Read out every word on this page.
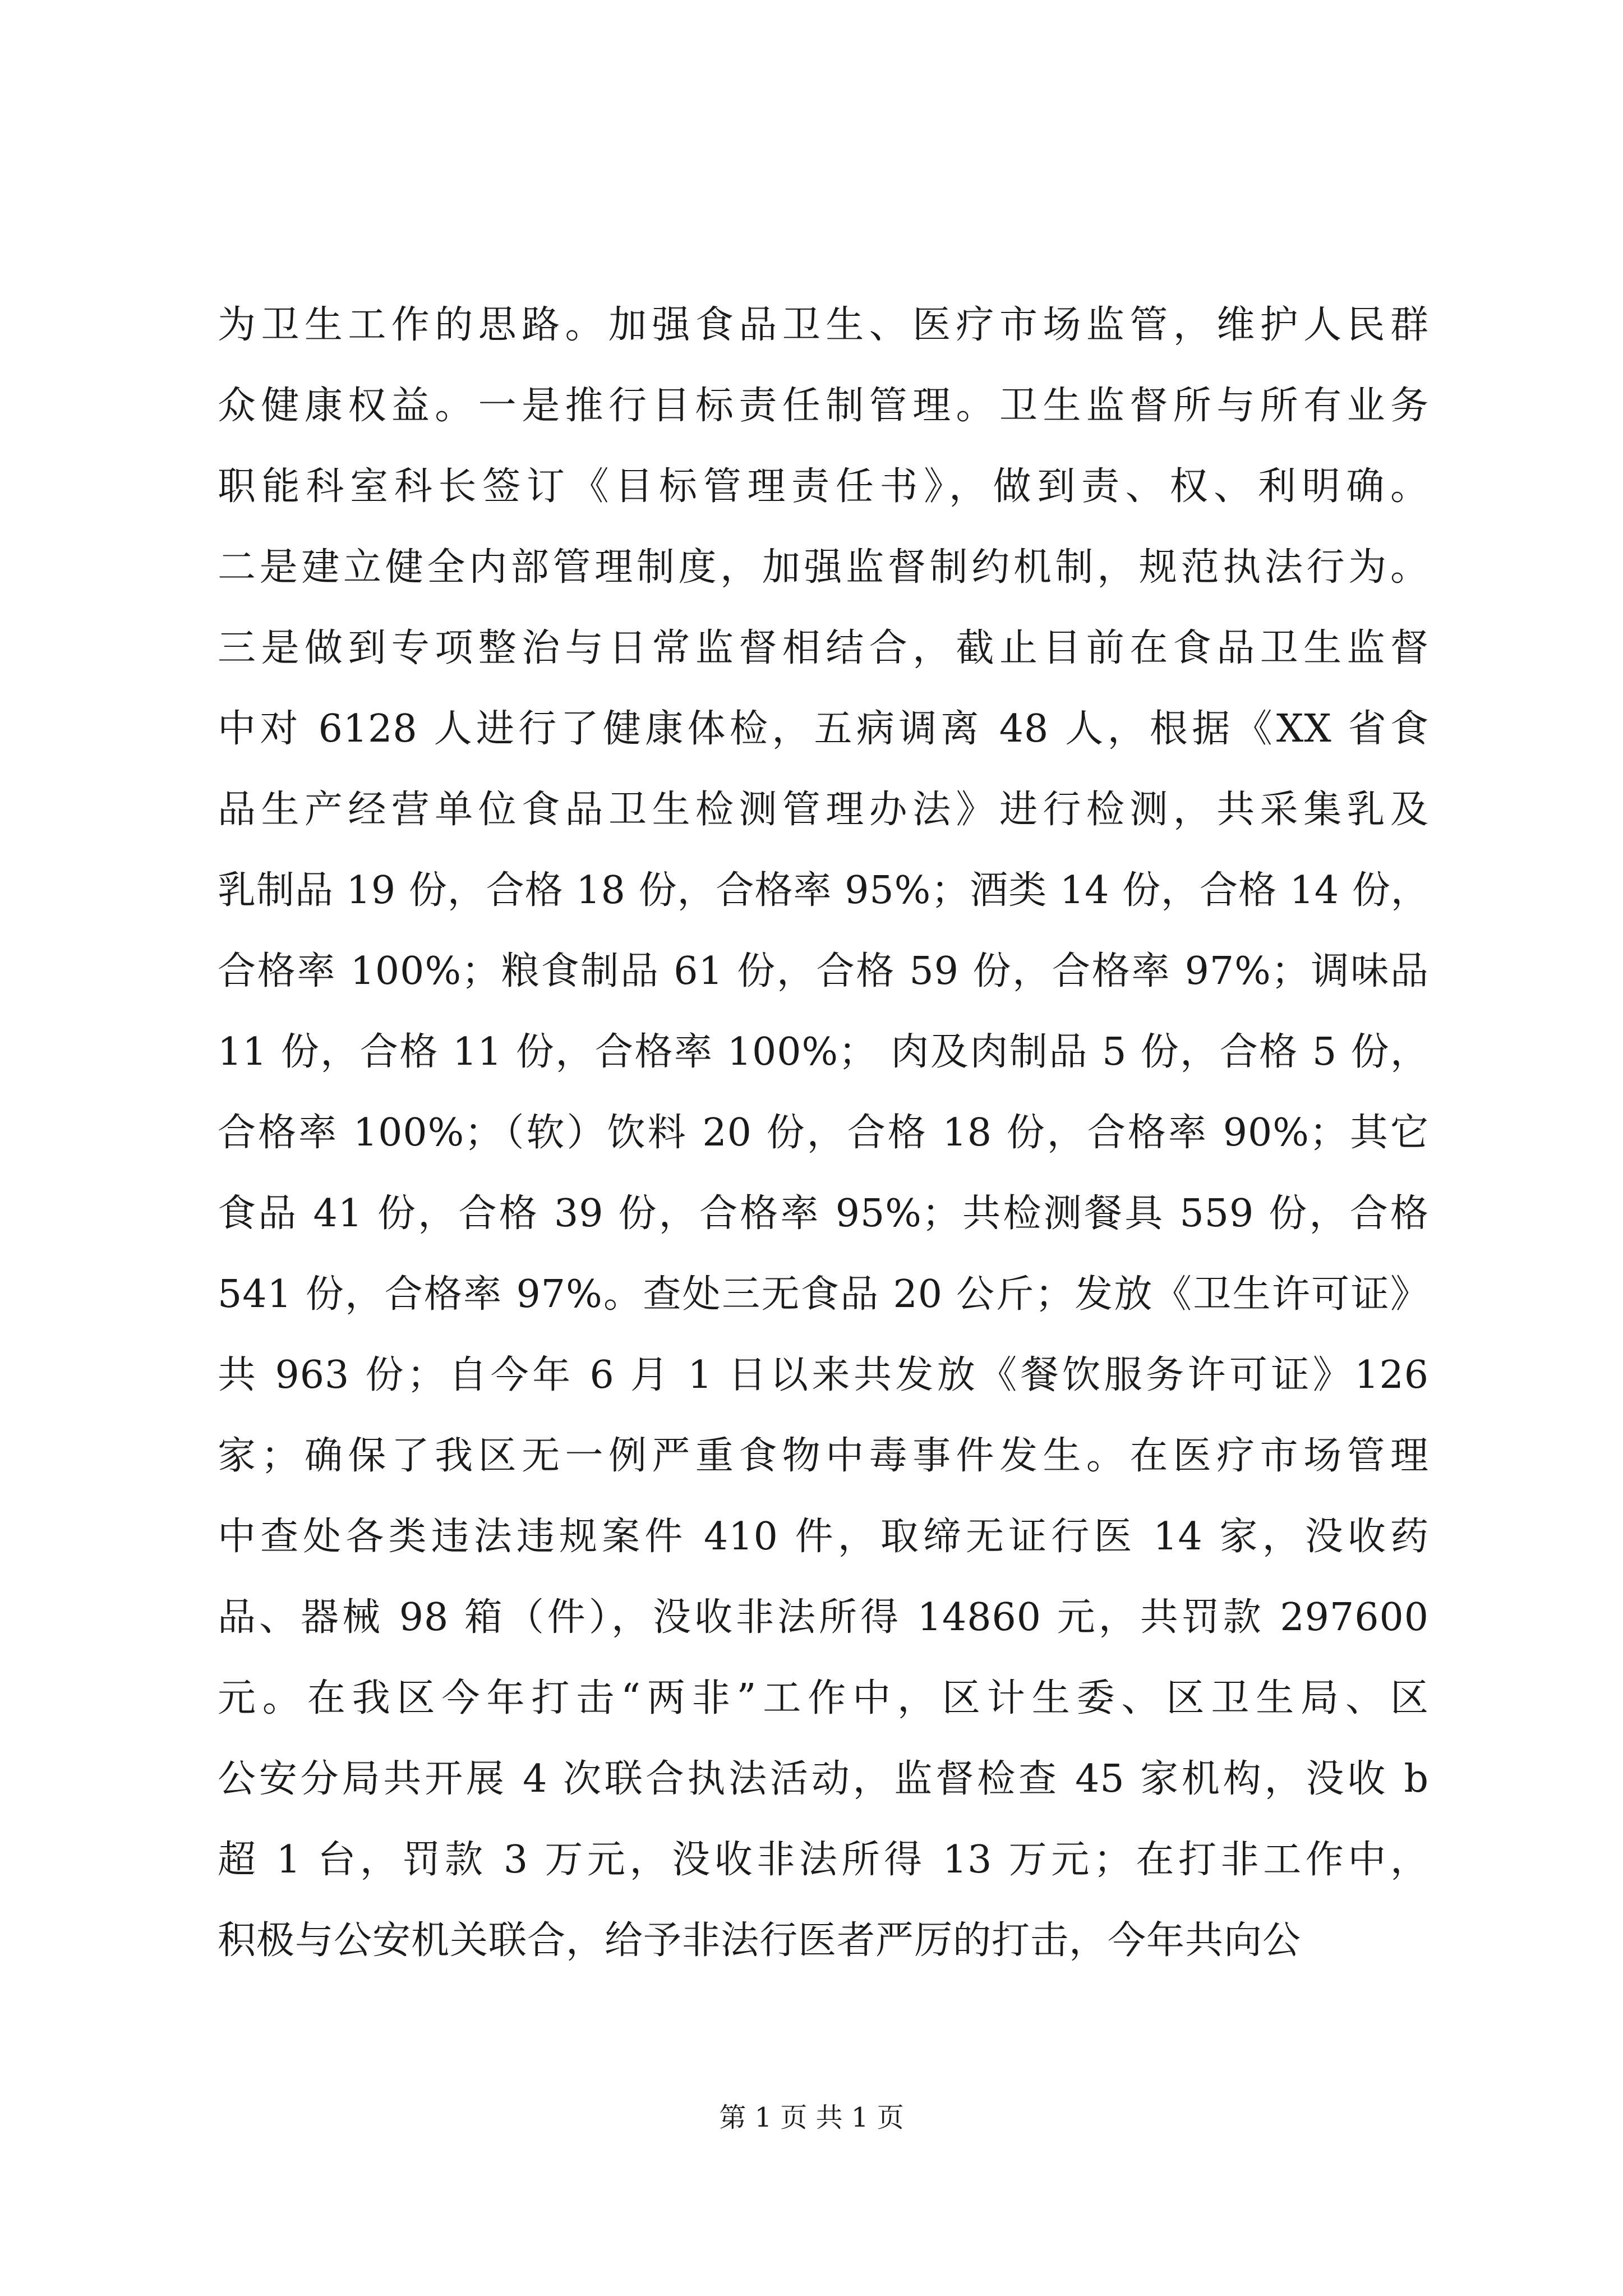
为卫生工作的思路。加强食品卫生、医疗市场监管，维护人民群
众健康权益。一是推行目标责任制管理。卫生监督所与所有业务
职能科室科长签订《目标管理责任书》，做到责、权、利明确。
二是建立健全内部管理制度，加强监督制约机制，规范执法行为。
三是做到专项整治与日常监督相结合，截止目前在食品卫生监督
中对 6128 人进行了健康体检，五病调离 48 人，根据《XX 省食
品生产经营单位食品卫生检测管理办法》进行检测，共采集乳及
乳制品 19 份，合格 18 份，合格率 95%；酒类 14 份，合格 14 份，
合格率 100%；粮食制品 61 份，合格 59 份，合格率 97%；调味品
11 份，合格 11 份，合格率 100%； 肉及肉制品 5 份，合格 5 份，
合格率 100%；（软）饮料 20 份，合格 18 份，合格率 90%；其它
食品 41 份，合格 39 份，合格率 95%；共检测餐具 559 份，合格
541 份，合格率 97%。查处三无食品 20 公斤；发放《卫生许可证》
共 963 份；自今年 6 月 1 日以来共发放《餐饮服务许可证》126
家；确保了我区无一例严重食物中毒事件发生。在医疗市场管理
中查处各类违法违规案件 410 件，取缔无证行医 14 家，没收药
品、器械 98 箱（件），没收非法所得 14860 元，共罚款 297600
元。在我区今年打击“两非”工作中，区计生委、区卫生局、区
公安分局共开展 4 次联合执法活动，监督检查 45 家机构，没收 b
超 1 台，罚款 3 万元，没收非法所得 13 万元；在打非工作中，
积极与公安机关联合，给予非法行医者严厉的打击，今年共向公
第 1 页 共 1 页
